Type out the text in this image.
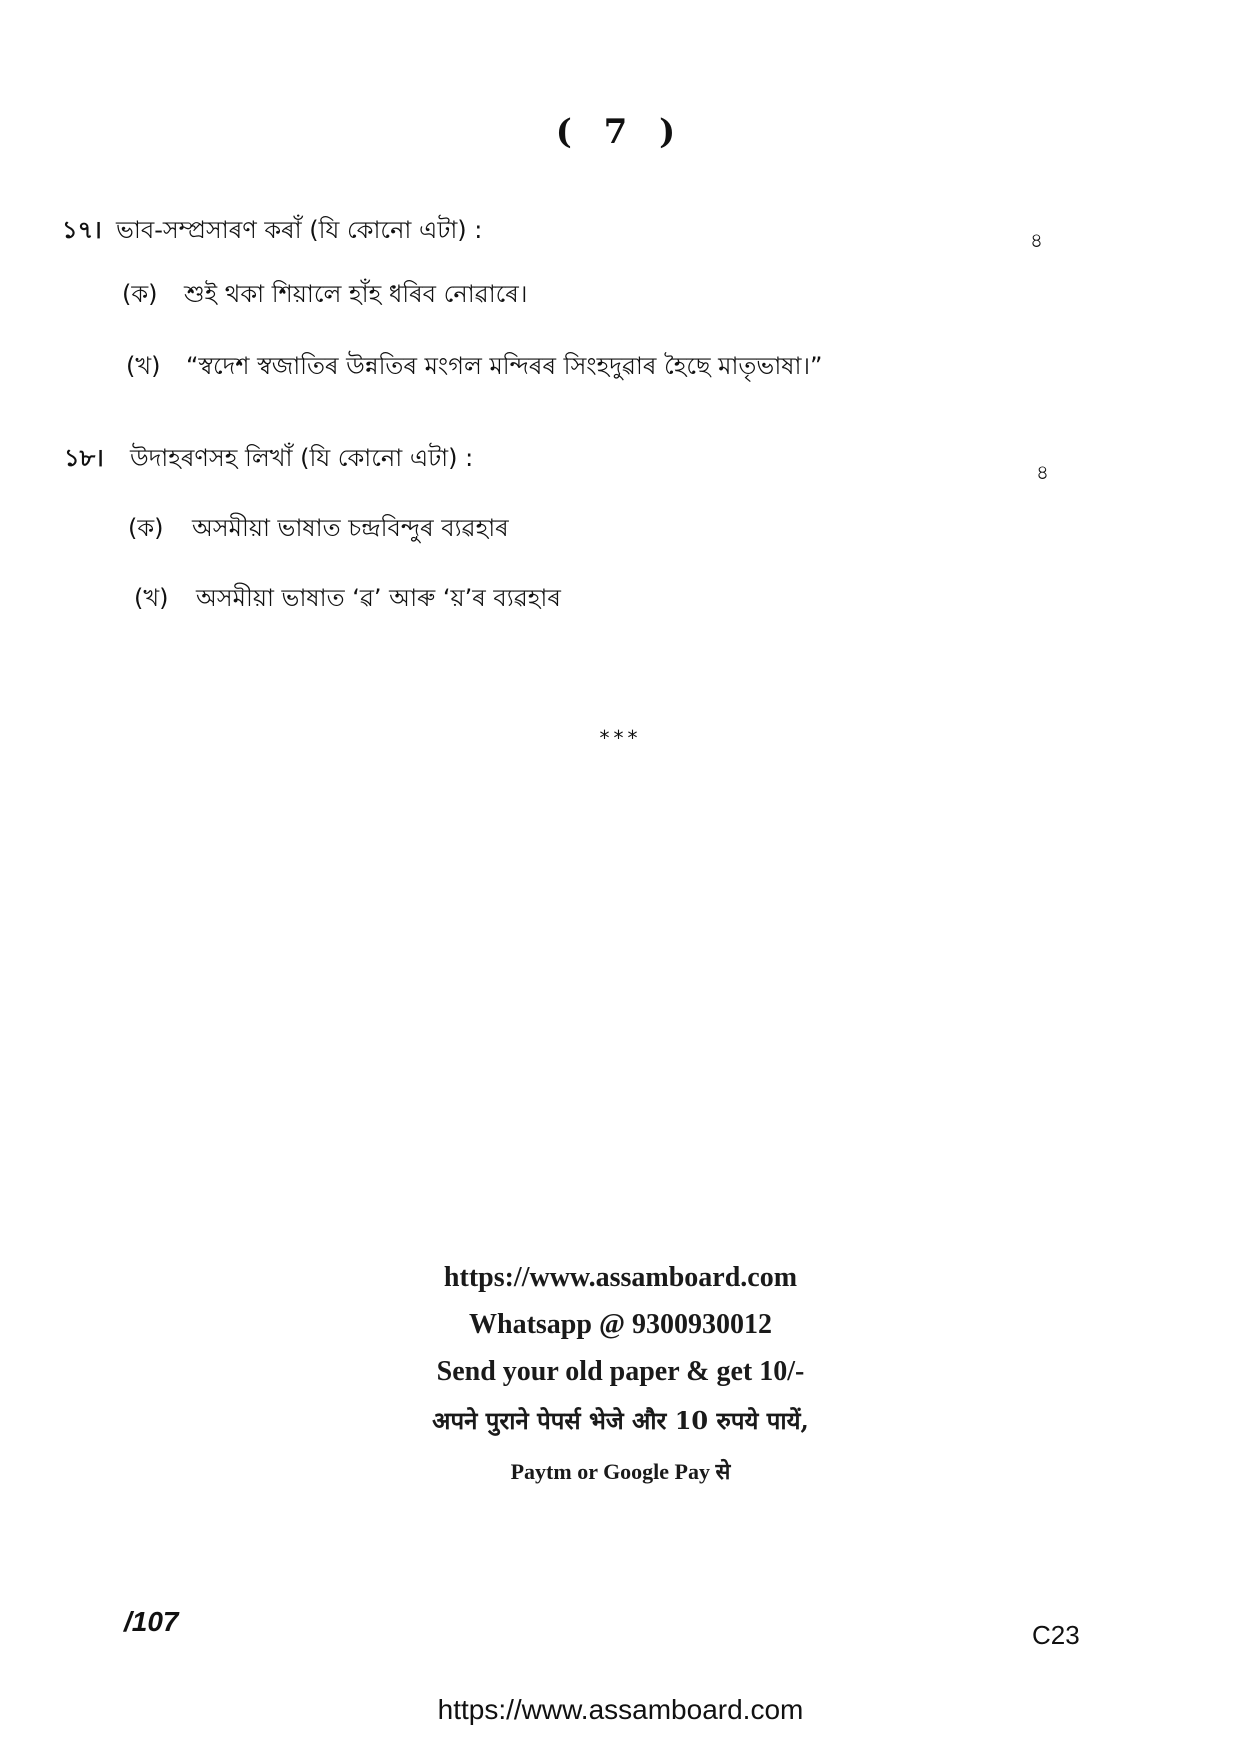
( 7 )
১৭। ভাব-সম্প্ৰসাৰণ কৰাঁ (যি কোনো এটা) :	৪
(ক) শুই থকা শিয়ালে হাঁহ ধৰিব নোৱাৰে।
(খ) “স্বদেশ স্বজাতিৰ উন্নতিৰ মংগল মন্দিৰৰ সিংহদুৱাৰ হৈছে মাতৃভাষা।”
১৮। উদাহৰণসহ লিখাঁ (যি কোনো এটা) :	৪
(ক) অসমীয়া ভাষাত চন্দ্ৰবিন্দুৰ ব্যৱহাৰ
(খ) অসমীয়া ভাষাত ‘ৱ’ আৰু ‘য়’ৰ ব্যৱহাৰ
***
https://www.assamboard.com
Whatsapp @ 9300930012
Send your old paper & get 10/-
अपने पुराने पेपर्स भेजे और 10 रुपये पायें,
Paytm or Google Pay से
/107	C23
https://www.assamboard.com
